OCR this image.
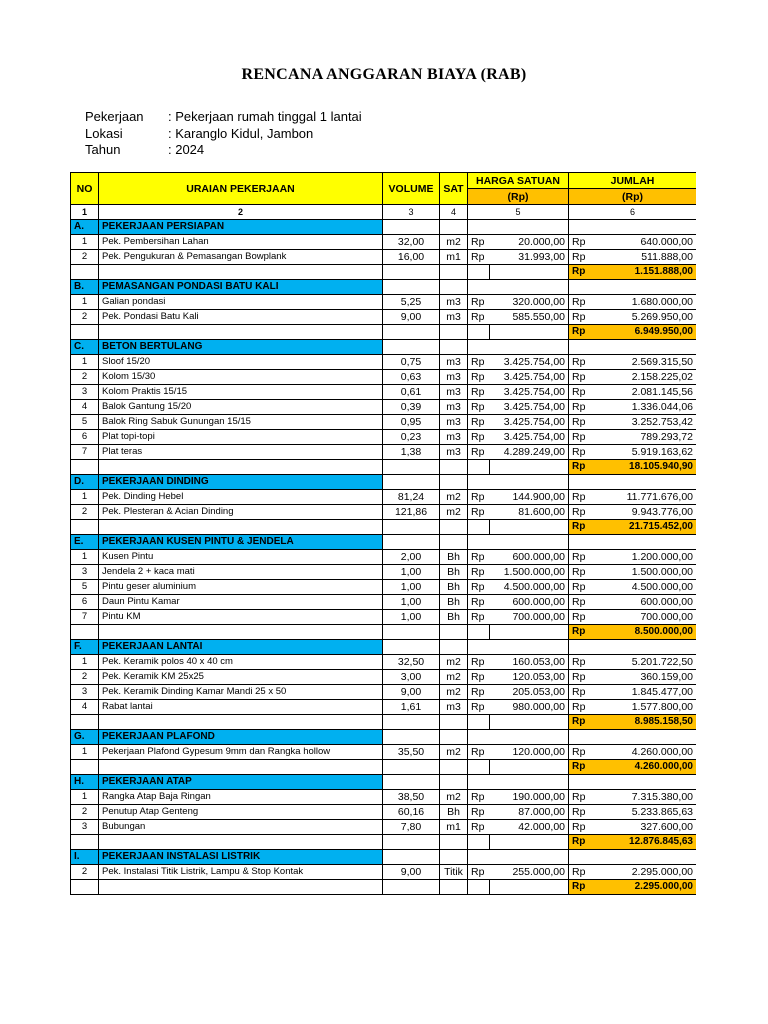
RENCANA ANGGARAN BIAYA (RAB)
Pekerjaan	: Pekerjaan rumah tinggal 1 lantai
Lokasi	: Karanglo Kidul, Jambon
Tahun	: 2024
NO	URAIAN PEKERJAAN	VOLUME	SAT	HARGA SATUAN		JUMLAH	
				(Rp)		(Rp)	
1	2	3	4	5		6	
A.	PEKERJAAN PERSIAPAN						
1	Pek. Pembersihan Lahan	32,00	m2	Rp	20.000,00	Rp	640.000,00
2	Pek. Pengukuran & Pemasangan Bowplank	16,00	m1	Rp	31.993,00	Rp	511.888,00
						Rp	1.151.888,00
B.	PEMASANGAN PONDASI BATU KALI						
1	Galian pondasi	5,25	m3	Rp	320.000,00	Rp	1.680.000,00
2	Pek. Pondasi Batu Kali	9,00	m3	Rp	585.550,00	Rp	5.269.950,00
						Rp	6.949.950,00
C.	BETON BERTULANG						
1	Sloof 15/20	0,75	m3	Rp	3.425.754,00	Rp	2.569.315,50
2	Kolom 15/30	0,63	m3	Rp	3.425.754,00	Rp	2.158.225,02
3	Kolom Praktis 15/15	0,61	m3	Rp	3.425.754,00	Rp	2.081.145,56
4	Balok Gantung 15/20	0,39	m3	Rp	3.425.754,00	Rp	1.336.044,06
5	Balok Ring Sabuk Gunungan 15/15	0,95	m3	Rp	3.425.754,00	Rp	3.252.753,42
6	Plat topi-topi	0,23	m3	Rp	3.425.754,00	Rp	789.293,72
7	Plat teras	1,38	m3	Rp	4.289.249,00	Rp	5.919.163,62
						Rp	18.105.940,90
D.	PEKERJAAN DINDING						
1	Pek. Dinding Hebel	81,24	m2	Rp	144.900,00	Rp	11.771.676,00
2	Pek. Plesteran & Acian Dinding	121,86	m2	Rp	81.600,00	Rp	9.943.776,00
						Rp	21.715.452,00
E.	PEKERJAAN KUSEN PINTU & JENDELA						
1	Kusen Pintu	2,00	Bh	Rp	600.000,00	Rp	1.200.000,00
3	Jendela 2 + kaca mati	1,00	Bh	Rp	1.500.000,00	Rp	1.500.000,00
5	Pintu geser aluminium	1,00	Bh	Rp	4.500.000,00	Rp	4.500.000,00
6	Daun Pintu Kamar	1,00	Bh	Rp	600.000,00	Rp	600.000,00
7	Pintu KM	1,00	Bh	Rp	700.000,00	Rp	700.000,00
						Rp	8.500.000,00
F.	PEKERJAAN LANTAI						
1	Pek. Keramik polos 40 x 40 cm	32,50	m2	Rp	160.053,00	Rp	5.201.722,50
2	Pek. Keramik KM 25x25	3,00	m2	Rp	120.053,00	Rp	360.159,00
3	Pek. Keramik Dinding Kamar Mandi 25 x 50	9,00	m2	Rp	205.053,00	Rp	1.845.477,00
4	Rabat lantai	1,61	m3	Rp	980.000,00	Rp	1.577.800,00
						Rp	8.985.158,50
G.	PEKERJAAN PLAFOND						
1	Pekerjaan Plafond Gypesum 9mm dan Rangka hollow	35,50	m2	Rp	120.000,00	Rp	4.260.000,00
						Rp	4.260.000,00
H.	PEKERJAAN ATAP						
1	Rangka Atap Baja Ringan	38,50	m2	Rp	190.000,00	Rp	7.315.380,00
2	Penutup Atap Genteng	60,16	Bh	Rp	87.000,00	Rp	5.233.865,63
3	Bubungan	7,80	m1	Rp	42.000,00	Rp	327.600,00
						Rp	12.876.845,63
I.	PEKERJAAN INSTALASI LISTRIK						
2	Pek. Instalasi Titik Listrik, Lampu & Stop Kontak	9,00	Titik	Rp	255.000,00	Rp	2.295.000,00
						Rp	2.295.000,00
